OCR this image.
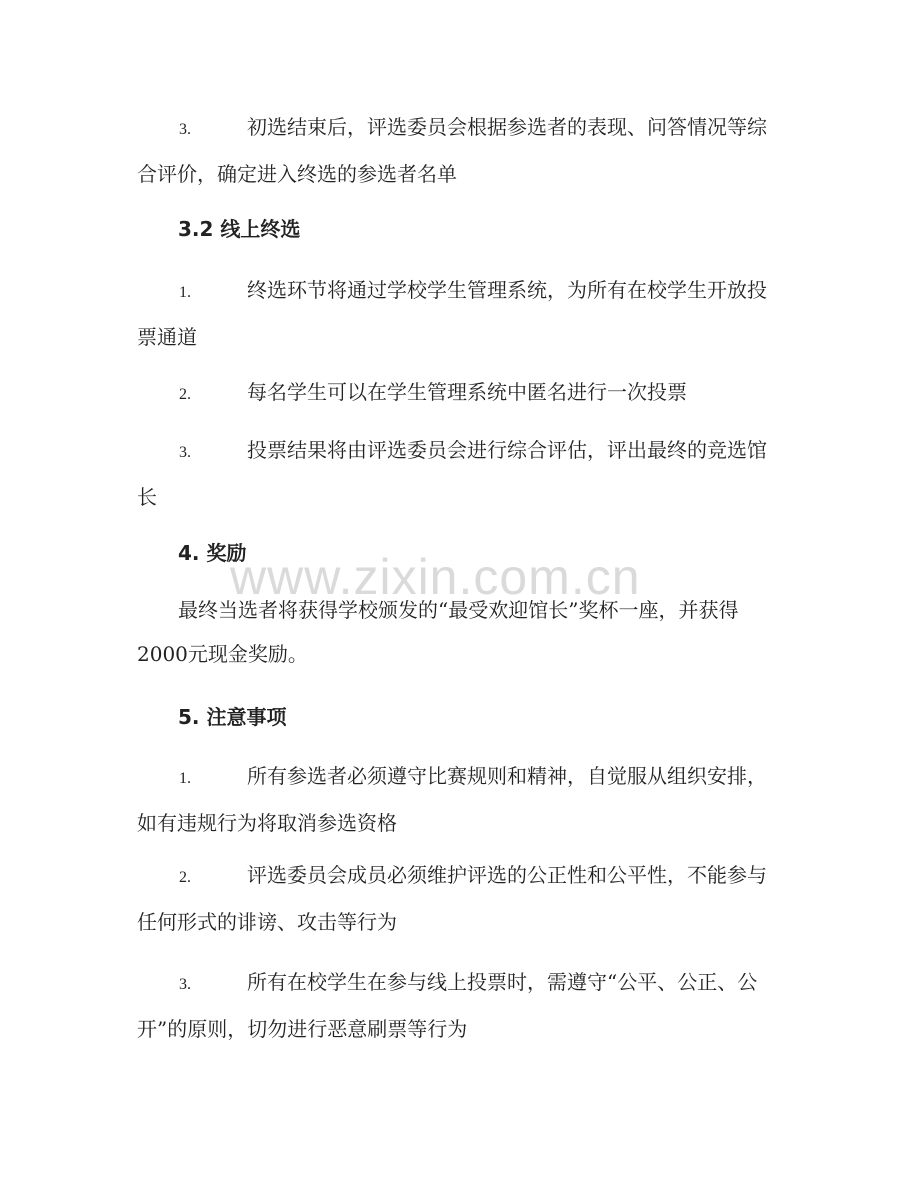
3.	初选结束后，评选委员会根据参选者的表现、问答情况等综合评价，确定进入终选的参选者名单
3.2 线上终选
1.	终选环节将通过学校学生管理系统，为所有在校学生开放投票通道
2.	每名学生可以在学生管理系统中匿名进行一次投票
3.	投票结果将由评选委员会进行综合评估，评出最终的竞选馆长
4. 奖励
最终当选者将获得学校颁发的“最受欢迎馆长”奖杯一座，并获得2000元现金奖励。
5. 注意事项
1.	所有参选者必须遵守比赛规则和精神，自觉服从组织安排，如有违规行为将取消参选资格
2.	评选委员会成员必须维护评选的公正性和公平性，不能参与任何形式的诽谤、攻击等行为
3.	所有在校学生在参与线上投票时，需遵守“公平、公正、公开”的原则，切勿进行恶意刷票等行为
www.zixin.com.cn
